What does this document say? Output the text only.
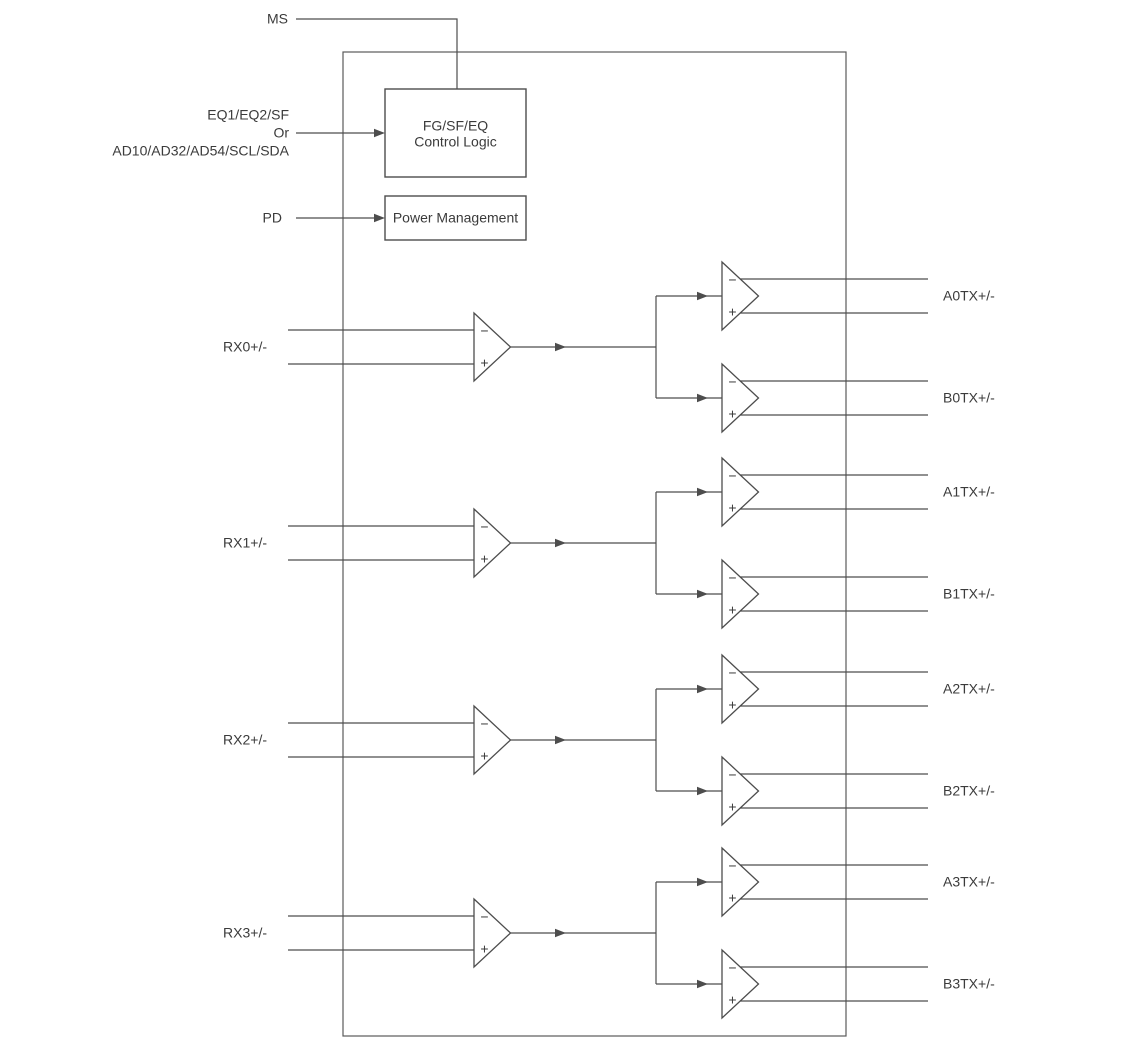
MS
EQ1/EQ2/SF
Or
AD10/AD32/AD54/SCL/SDA
FG/SF/EQ
Control Logic
PD	Power Management
RX0+/-
−
+
−
+
A0TX+/-
−
+
B0TX+/-
RX1+/-
−
+
−
+
A1TX+/-
−
+
B1TX+/-
RX2+/-
−
+
−
+
A2TX+/-
−
+
B2TX+/-
RX3+/-
−
+
−
+
A3TX+/-
−
+
B3TX+/-
